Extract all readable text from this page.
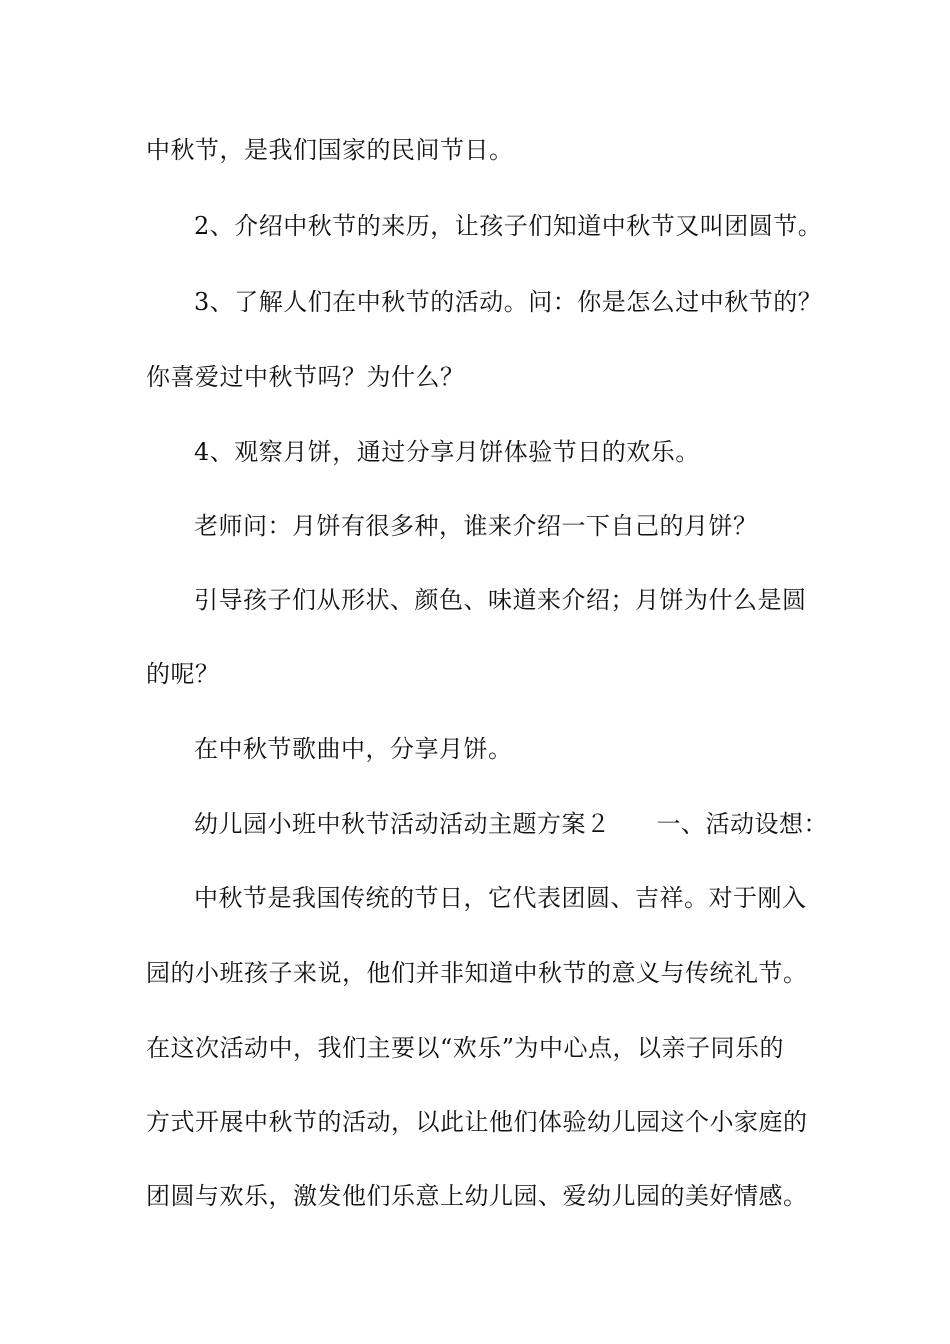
中秋节，是我们国家的民间节日。
2、介绍中秋节的来历，让孩子们知道中秋节又叫团圆节。
3、了解人们在中秋节的活动。问：你是怎么过中秋节的？
你喜爱过中秋节吗？为什么？
4、观察月饼，通过分享月饼体验节日的欢乐。
老师问：月饼有很多种，谁来介绍一下自己的月饼？
引导孩子们从形状、颜色、味道来介绍；月饼为什么是圆
的呢？
在中秋节歌曲中，分享月饼。
幼儿园小班中秋节活动活动主题方案２ 一、活动设想：
中秋节是我国传统的节日，它代表团圆、吉祥。对于刚入
园的小班孩子来说，他们并非知道中秋节的意义与传统礼节。
在这次活动中，我们主要以“欢乐”为中心点，以亲子同乐的
方式开展中秋节的活动，以此让他们体验幼儿园这个小家庭的
团圆与欢乐，激发他们乐意上幼儿园、爱幼儿园的美好情感。
